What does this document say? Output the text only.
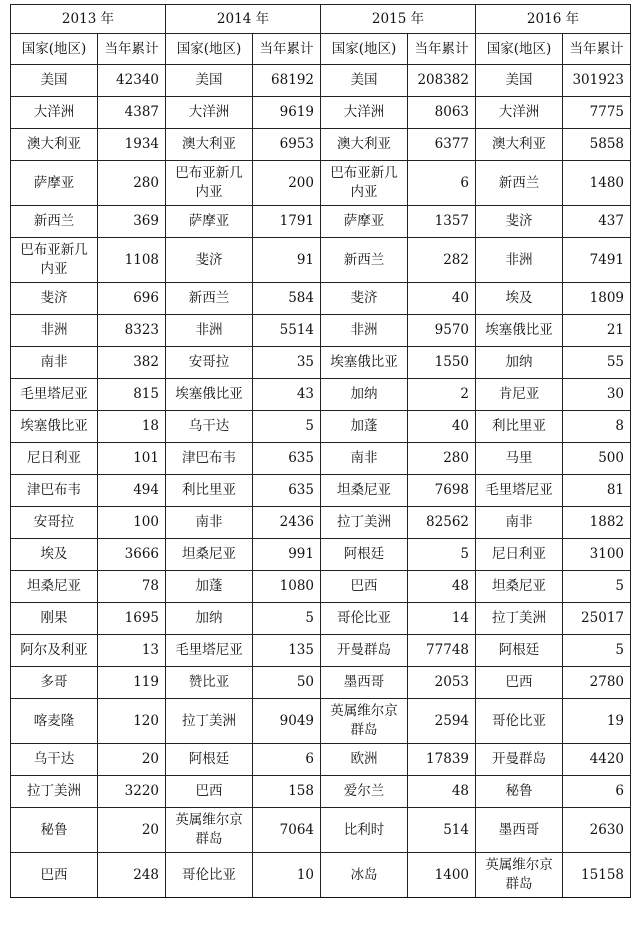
2013 年		2014 年		2015 年		2016 年	
国家(地区)	当年累计	国家(地区)	当年累计	国家(地区)	当年累计	国家(地区)	当年累计
美国	42340	美国	68192	美国	208382	美国	301923
大洋洲	4387	大洋洲	9619	大洋洲	8063	大洋洲	7775
澳大利亚	1934	澳大利亚	6953	澳大利亚	6377	澳大利亚	5858
萨摩亚	280	巴布亚新几内亚	200	巴布亚新几内亚	6	新西兰	1480
新西兰	369	萨摩亚	1791	萨摩亚	1357	斐济	437
巴布亚新几内亚	1108	斐济	91	新西兰	282	非洲	7491
斐济	696	新西兰	584	斐济	40	埃及	1809
非洲	8323	非洲	5514	非洲	9570	埃塞俄比亚	21
南非	382	安哥拉	35	埃塞俄比亚	1550	加纳	55
毛里塔尼亚	815	埃塞俄比亚	43	加纳	2	肯尼亚	30
埃塞俄比亚	18	乌干达	5	加蓬	40	利比里亚	8
尼日利亚	101	津巴布韦	635	南非	280	马里	500
津巴布韦	494	利比里亚	635	坦桑尼亚	7698	毛里塔尼亚	81
安哥拉	100	南非	2436	拉丁美洲	82562	南非	1882
埃及	3666	坦桑尼亚	991	阿根廷	5	尼日利亚	3100
坦桑尼亚	78	加蓬	1080	巴西	48	坦桑尼亚	5
刚果	1695	加纳	5	哥伦比亚	14	拉丁美洲	25017
阿尔及利亚	13	毛里塔尼亚	135	开曼群岛	77748	阿根廷	5
多哥	119	赞比亚	50	墨西哥	2053	巴西	2780
喀麦隆	120	拉丁美洲	9049	英属维尔京群岛	2594	哥伦比亚	19
乌干达	20	阿根廷	6	欧洲	17839	开曼群岛	4420
拉丁美洲	3220	巴西	158	爱尔兰	48	秘鲁	6
秘鲁	20	英属维尔京群岛	7064	比利时	514	墨西哥	2630
巴西	248	哥伦比亚	10	冰岛	1400	英属维尔京群岛	15158
